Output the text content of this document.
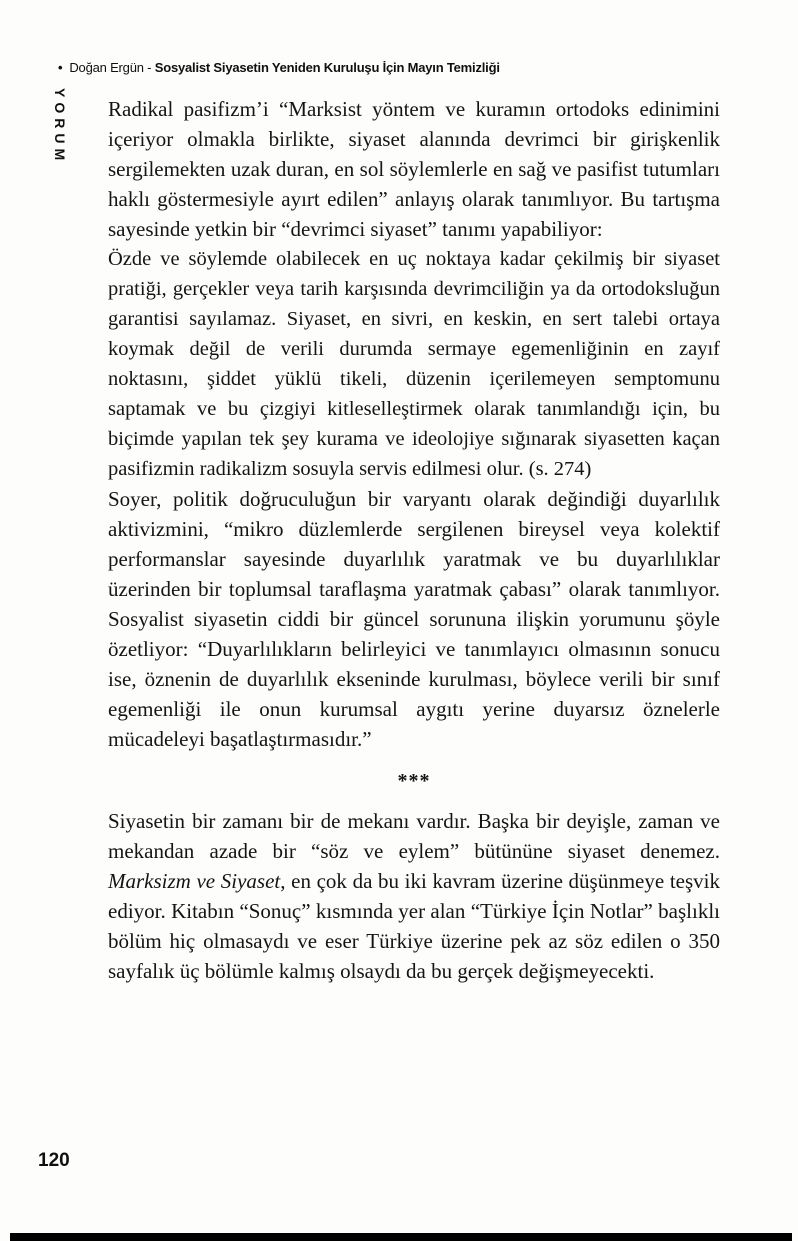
• Doğan Ergün - Sosyalist Siyasetin Yeniden Kuruluşu İçin Mayın Temizliği
YORUM Radikal pasifizm’i “Marksist yöntem ve kuramın ortodoks edinimini içeriyor olmakla birlikte, siyaset alanında devrimci bir girişkenlik sergilemekten uzak duran, en sol söylemlerle en sağ ve pasifist tutumları haklı göstermesiyle ayırt edilen” anlayış olarak tanımlıyor. Bu tartışma sayesinde yetkin bir “devrimci siyaset” tanımı yapabiliyor:

Özde ve söylemde olabilecek en uç noktaya kadar çekilmiş bir siyaset pratiği, gerçekler veya tarih karşısında devrimciliğin ya da ortodoksluğun garantisi sayılamaz. Siyaset, en sivri, en keskin, en sert talebi ortaya koymak değil de verili durumda sermaye egemenliğinin en zayıf noktasını, şiddet yüklü tikeli, düzenin içerilemeyen semptomunu saptamak ve bu çizgiyi kitleselleştirmek olarak tanımlandığı için, bu biçimde yapılan tek şey kurama ve ideolojiye sığınarak siyasetten kaçan pasifizmin radikalizm sosuyla servis edilmesi olur. (s. 274)

Soyer, politik doğruculuğun bir varyantı olarak değindiği duyarlılık aktivizmini, “mikro düzlemlerde sergilenen bireysel veya kolektif performanslar sayesinde duyarlılık yaratmak ve bu duyarlılıklar üzerinden bir toplumsal taraflaşma yaratmak çabası” olarak tanımlıyor. Sosyalist siyasetin ciddi bir güncel sorununa ilişkin yorumunu şöyle özetliyor: “Duyarlılıkların belirleyici ve tanımlayıcı olmasının sonucu ise, öznenin de duyarlılık ekseninde kurulması, böylece verili bir sınıf egemenliği ile onun kurumsal aygıtı yerine duyarsız öznelerle mücadeleyi başatlaştırmasıdır.”

***

Siyasetin bir zamanı bir de mekanı vardır. Başka bir deyişle, zaman ve mekandan azade bir “söz ve eylem” bütününe siyaset denemez. Marksizm ve Siyaset, en çok da bu iki kavram üzerine düşünmeye teşvik ediyor. Kitabın “Sonuç” kısmında yer alan “Türkiye İçin Notlar” başlıklı bölüm hiç olmasaydı ve eser Türkiye üzerine pek az söz edilen o 350 sayfalık üç bölümle kalmış olsaydı da bu gerçek değişmeyecekti.

120
